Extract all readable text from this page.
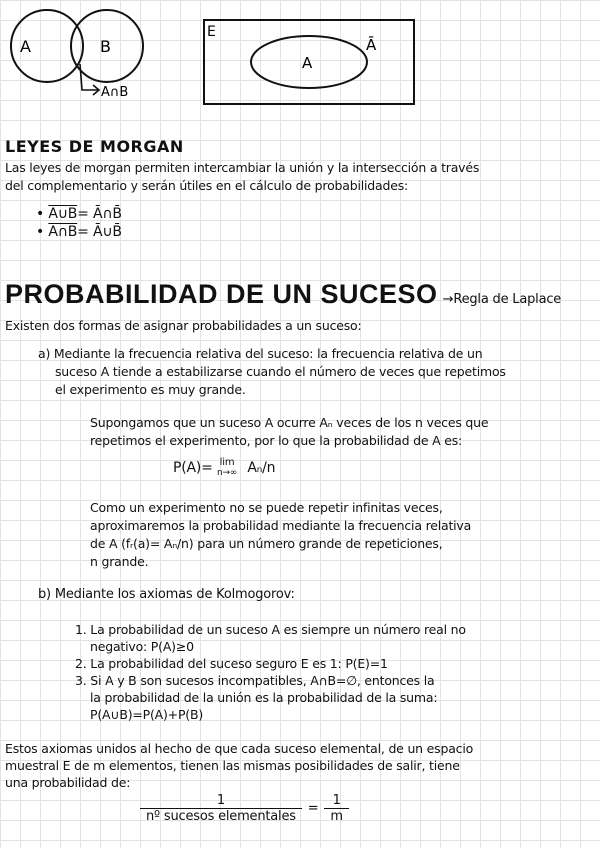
A	B
A∩B
E
A
Ā
LEYES DE MORGAN
Las leyes de morgan permiten intercambiar la unión y la intersección a través
del complementario y serán útiles en el cálculo de probabilidades:
• A∪B= Ā∩B̄
• A∩B= Ā∪B̄
PROBABILIDAD DE UN SUCESO →Regla de Laplace
Existen dos formas de asignar probabilidades a un suceso:
a) Mediante la frecuencia relativa del suceso: la frecuencia relativa de un
suceso A tiende a estabilizarse cuando el número de veces que repetimos
el experimento es muy grande.
Supongamos que un suceso A ocurre Aₙ veces de los n veces que
repetimos el experimento, por lo que la probabilidad de A es:
P(A)= lim
n→∞ Aₙ/n
Como un experimento no se puede repetir infinitas veces,
aproximaremos la probabilidad mediante la frecuencia relativa
de A (fᵣ(a)= Aₙ/n) para un número grande de repeticiones,
n grande.
b) Mediante los axiomas de Kolmogorov:
1. La probabilidad de un suceso A es siempre un número real no
negativo: P(A)≥0
2. La probabilidad del suceso seguro E es 1: P(E)=1
3. Si A y B son sucesos incompatibles, A∩B=∅, entonces la
la probabilidad de la unión es la probabilidad de la suma:
P(A∪B)=P(A)+P(B)
Estos axiomas unidos al hecho de que cada suceso elemental, de un espacio
muestral E de m elementos, tienen las mismas posibilidades de salir, tiene
una probabilidad de:
$\frac{1}{\text{nº sucesos elementales}} = \frac{1}{m}$
